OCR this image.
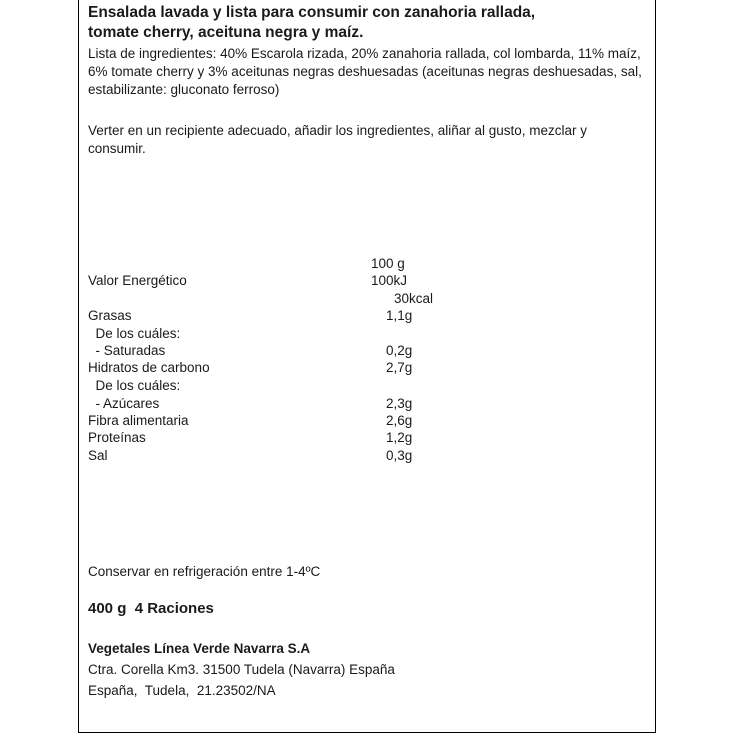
Ensalada lavada y lista para consumir con zanahoria rallada,
tomate cherry, aceituna negra y maíz.
Lista de ingredientes: 40% Escarola rizada, 20% zanahoria rallada, col lombarda, 11% maíz, 6% tomate cherry y 3% aceitunas negras deshuesadas (aceitunas negras deshuesadas, sal, estabilizante: gluconato ferroso)
Verter en un recipiente adecuado, añadir los ingredientes, aliñar al gusto, mezclar y consumir.
100 g
Valor Energético	100kJ
30kcal
Grasas	1,1g
De los cuáles:
- Saturadas	0,2g
Hidratos de carbono	2,7g
De los cuáles:
- Azúcares	2,3g
Fibra alimentaria	2,6g
Proteínas	1,2g
Sal	0,3g
Conservar en refrigeración entre 1-4ºC
400 g  4 Raciones
Vegetales Línea Verde Navarra S.A
Ctra. Corella Km3. 31500 Tudela (Navarra) España
España,  Tudela,  21.23502/NA
